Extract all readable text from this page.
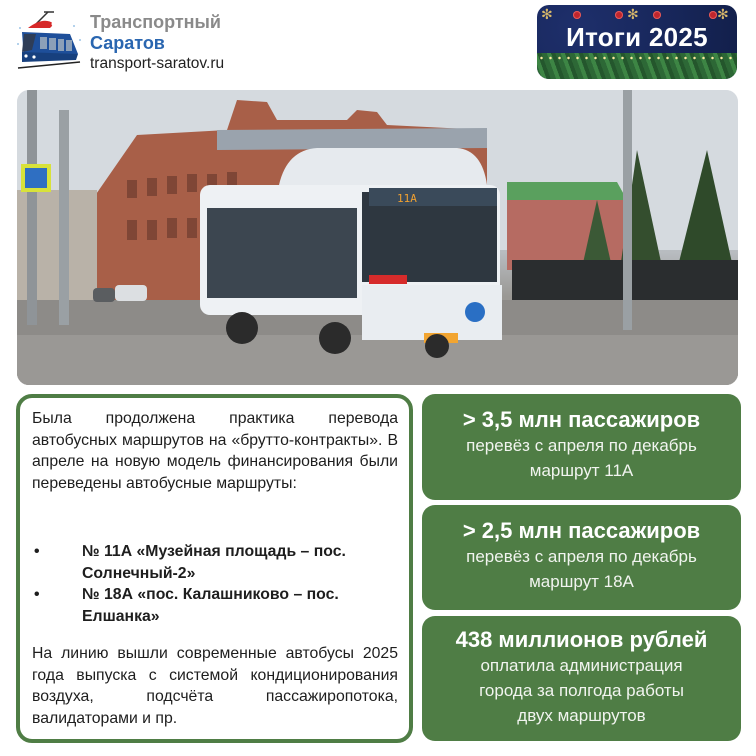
Транспортный
Саратов
transport-saratov.ru
✻	✻
✻
Итоги 2025
11А
Была продолжена практика перевода автобусных маршрутов на «брутто-контракты». В апреле на новую модель финансирования были переведены автобусные маршруты:
•	№ 11А «Музейная площадь – пос.
Солнечный-2»
•	№ 18А «пос. Калашниково – пос.
Елшанка»
На линию вышли современные автобусы 2025 года выпуска с системой кондиционирования воздуха, подсчёта пассажиропотока, валидаторами и пр.
> 3,5 млн пассажиров
перевёз с апреля по декабрь
маршрут 11А
> 2,5 млн пассажиров
перевёз с апреля по декабрь
маршрут 18А
438 миллионов рублей
оплатила администрация
города за полгода работы
двух маршрутов
